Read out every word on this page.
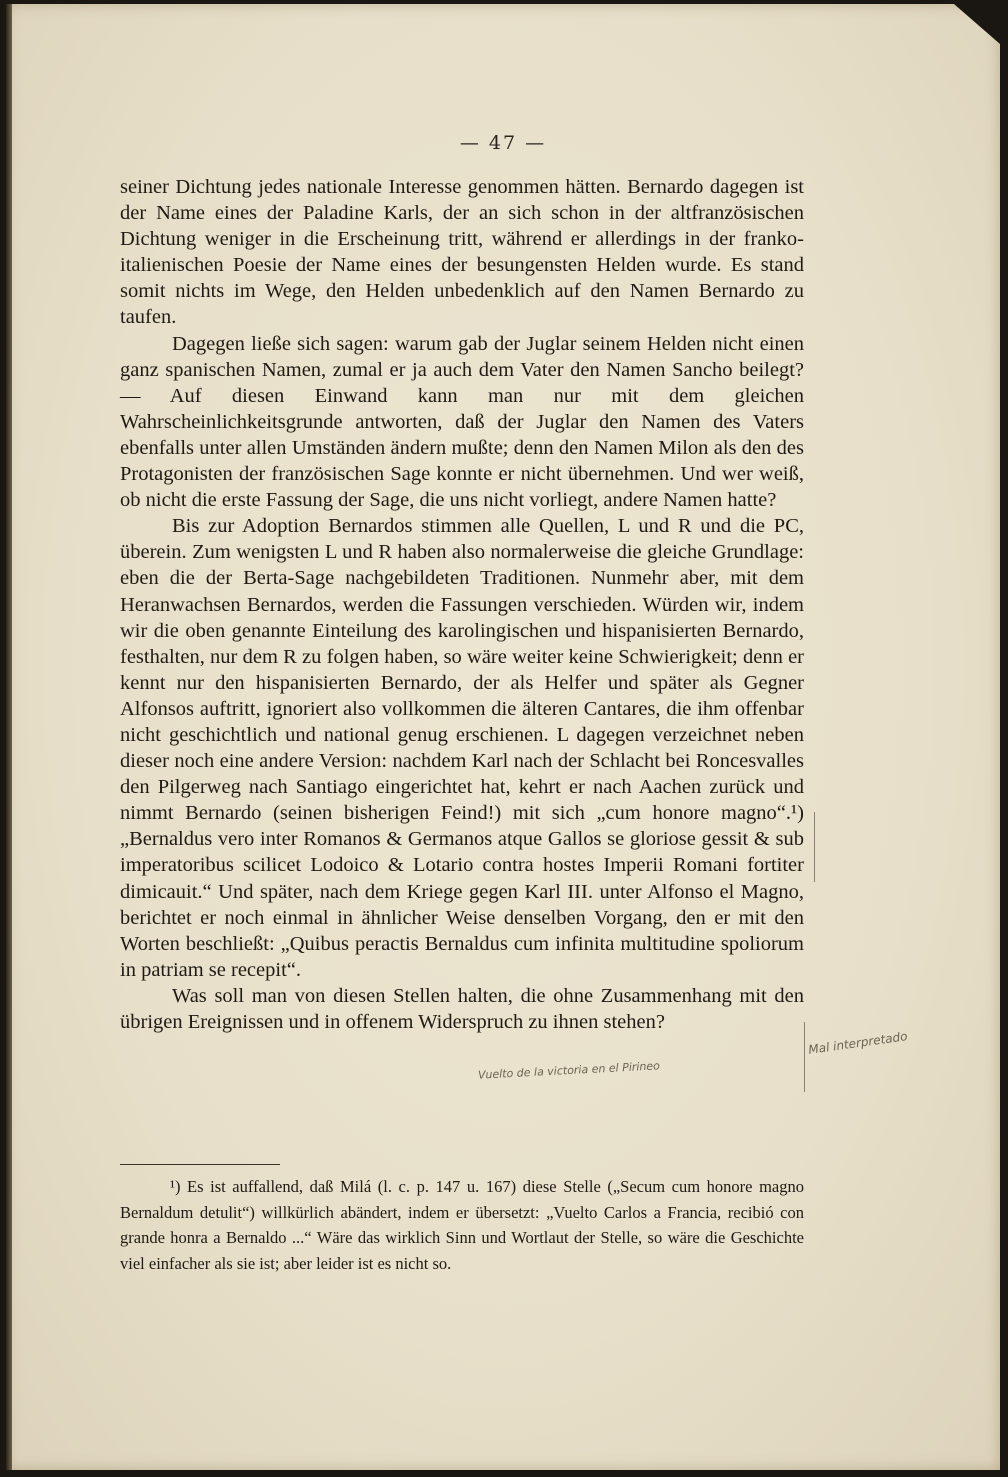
— 47 —

seiner Dichtung jedes nationale Interesse genommen hätten. Bernardo dagegen ist der Name eines der Paladine Karls, der an sich schon in der altfranzösischen Dichtung weniger in die Erscheinung tritt, während er allerdings in der franko-italienischen Poesie der Name eines der besungensten Helden wurde. Es stand somit nichts im Wege, den Helden unbedenklich auf den Namen Bernardo zu taufen.

Dagegen ließe sich sagen: warum gab der Juglar seinem Helden nicht einen ganz spanischen Namen, zumal er ja auch dem Vater den Namen Sancho beilegt? — Auf diesen Einwand kann man nur mit dem gleichen Wahrscheinlichkeitsgrunde antworten, daß der Juglar den Namen des Vaters ebenfalls unter allen Umständen ändern mußte; denn den Namen Milon als den des Protagonisten der französischen Sage konnte er nicht übernehmen. Und wer weiß, ob nicht die erste Fassung der Sage, die uns nicht vorliegt, andere Namen hatte?

Bis zur Adoption Bernardos stimmen alle Quellen, L und R und die PC, überein. Zum wenigsten L und R haben also normalerweise die gleiche Grundlage: eben die der Berta-Sage nachgebildeten Traditionen. Nunmehr aber, mit dem Heranwachsen Bernardos, werden die Fassungen verschieden. Würden wir, indem wir die oben genannte Einteilung des karolingischen und hispanisierten Bernardo, festhalten, nur dem R zu folgen haben, so wäre weiter keine Schwierigkeit; denn er kennt nur den hispanisierten Bernardo, der als Helfer und später als Gegner Alfonsos auftritt, ignoriert also vollkommen die älteren Cantares, die ihm offenbar nicht geschichtlich und national genug erschienen. L dagegen verzeichnet neben dieser noch eine andere Version: nachdem Karl nach der Schlacht bei Roncesvalles den Pilgerweg nach Santiago eingerichtet hat, kehrt er nach Aachen zurück und nimmt Bernardo (seinen bisherigen Feind!) mit sich „cum honore magno“.¹) „Bernaldus vero inter Romanos & Germanos atque Gallos se gloriose gessit & sub imperatoribus scilicet Lodoico & Lotario contra hostes Imperii Romani fortiter dimicauit.“ Und später, nach dem Kriege gegen Karl III. unter Alfonso el Magno, berichtet er noch einmal in ähnlicher Weise denselben Vorgang, den er mit den Worten beschließt: „Quibus peractis Bernaldus cum infinita multitudine spoliorum in patriam se recepit“.

Was soll man von diesen Stellen halten, die ohne Zusammenhang mit den übrigen Ereignissen und in offenem Widerspruch zu ihnen stehen?

¹) Es ist auffallend, daß Milá (l. c. p. 147 u. 167) diese Stelle („Secum cum honore magno Bernaldum detulit“) willkürlich abändert, indem er übersetzt: „Vuelto Carlos a Francia, recibió con grande honra a Bernaldo ...“ Wäre das wirklich Sinn und Wortlaut der Stelle, so wäre die Geschichte viel einfacher als sie ist; aber leider ist es nicht so.

Mal interpretado
Vuelto de la victoria en el Pirineo
